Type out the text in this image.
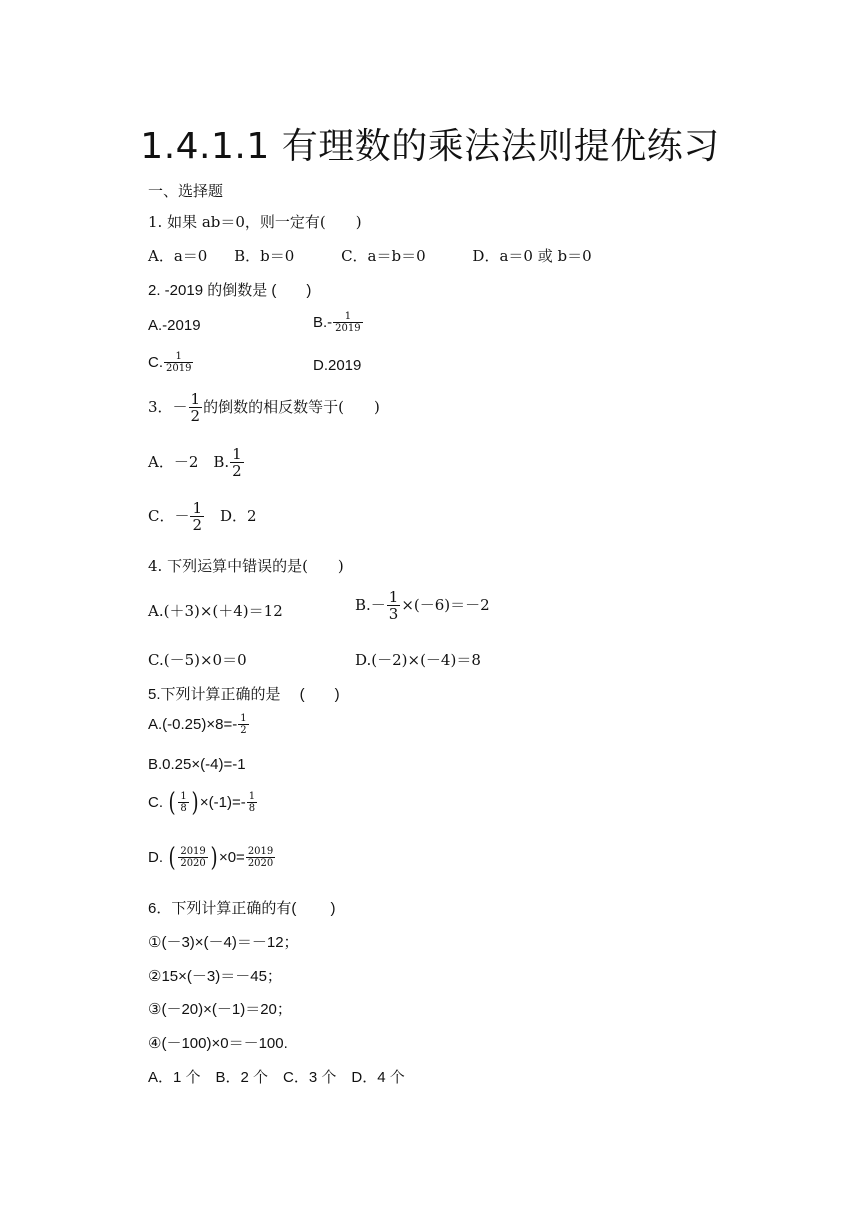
1.4.1.1 有理数的乘法法则提优练习
一、选择题
1. 如果 ab＝0，则一定有(　　)
A．a＝0 B．b＝0	C．a＝b＝0	D．a＝0 或 b＝0
2. -2019 的倒数是 (　　)
A.-2019	$B.- \frac{1}{2019}$
C. $\frac{1}{2019}$	D.2019
3．－ $\frac{1}{2}$ 的倒数的相反数等于(　　)
A．－2　B. $\frac{1}{2}$
C．－ $\frac{1}{2}$ 　D．2
4. 下列运算中错误的是(　　)
A.(＋3)×(＋4)＝12	$B.- \frac{1}{3} \times(-6)=-2$
C.(－5)×0＝0	D.(－2)×(－4)＝8
5.下列计算正确的是　 (　　)
$A.(-0.25)\times 8=- \frac{1}{2}$
B.0.25×(-4)=-1
C. ( $\frac{1}{8}$ ) $\times(-1)=- \frac{1}{8}$
D. ( $\frac{2019}{2020}$ ) $\times 0= \frac{2019}{2020}$
6．下列计算正确的有(　　 )
①(－3)×(－4)＝－12；
②15×(－3)＝－45；
③(－20)×(－1)＝20；
④(－100)×0＝－100.
A．1 个　B．2 个　C．3 个　D．4 个
